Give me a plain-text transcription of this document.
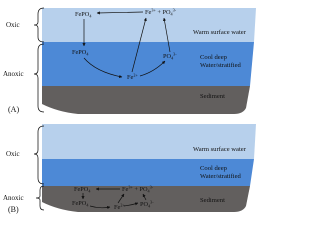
Oxic
Anoxic
Warm surface water
Cool deep
Water/stratified
Sediment
FePO$_4$	$Fe^{3+} + PO_4^{3-}$
FePO$_4$
$Fe^{2+}$
$PO_4^{3-}$
(A)
Oxic
Anoxic
Warm surface water
Cool deep
Water/stratified
Sediment
FePO$_4$	$Fe^{3+} + PO_4^{3-}$
FePO$_4$	$Fe^{2+}$ $PO_4^{3-}$
(B)
